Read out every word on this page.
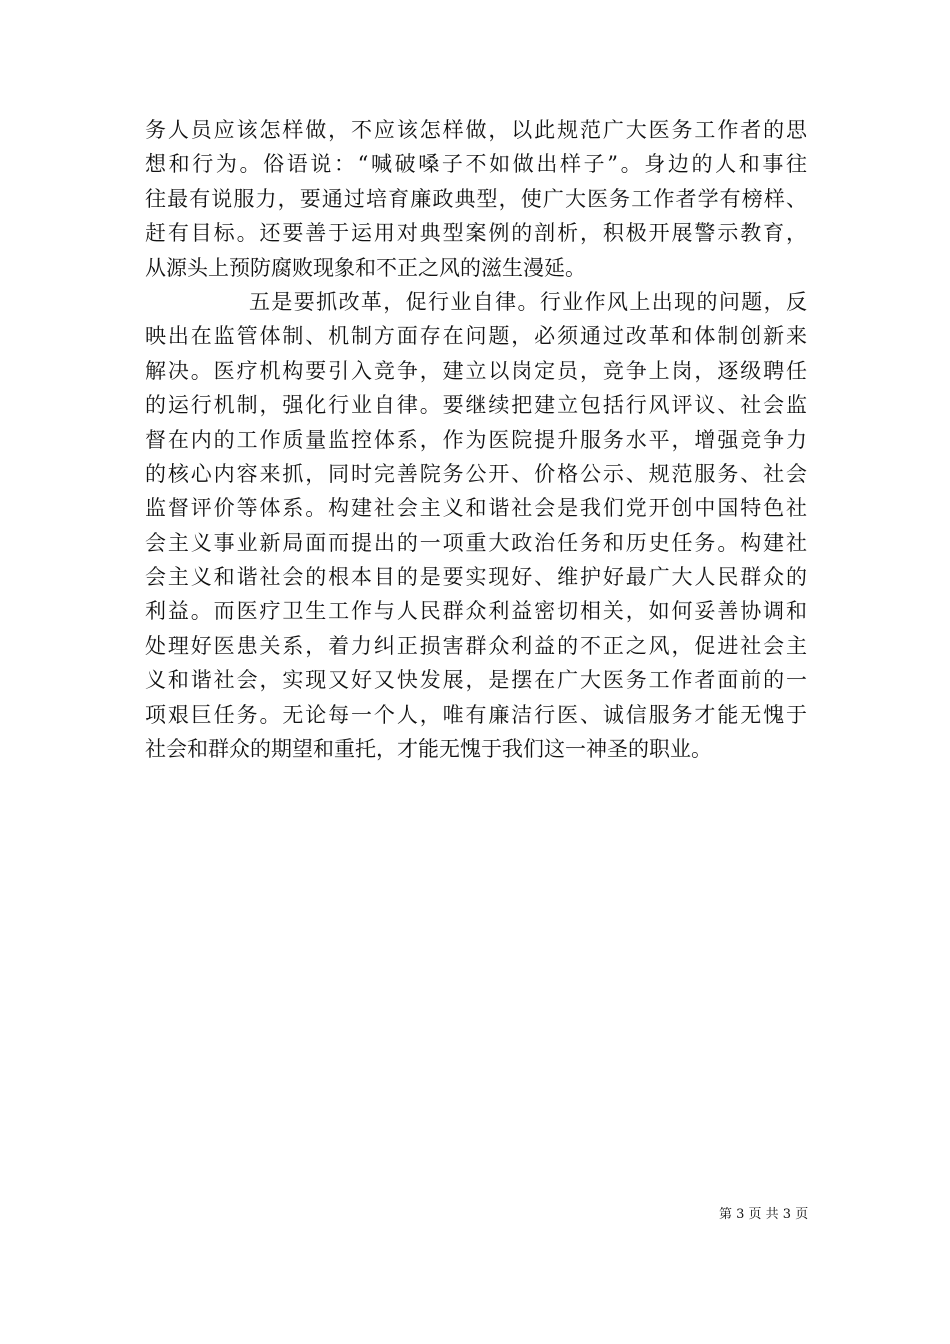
务人员应该怎样做，不应该怎样做，以此规范广大医务工作者的思

想和行为。俗语说：“喊破嗓子不如做出样子”。身边的人和事往

往最有说服力，要通过培育廉政典型，使广大医务工作者学有榜样、

赶有目标。还要善于运用对典型案例的剖析，积极开展警示教育，

从源头上预防腐败现象和不正之风的滋生漫延。

五是要抓改革，促行业自律。行业作风上出现的问题，反

映出在监管体制、机制方面存在问题，必须通过改革和体制创新来

解决。医疗机构要引入竞争，建立以岗定员，竞争上岗，逐级聘任

的运行机制，强化行业自律。要继续把建立包括行风评议、社会监

督在内的工作质量监控体系，作为医院提升服务水平，增强竞争力

的核心内容来抓，同时完善院务公开、价格公示、规范服务、社会

监督评价等体系。构建社会主义和谐社会是我们党开创中国特色社

会主义事业新局面而提出的一项重大政治任务和历史任务。构建社

会主义和谐社会的根本目的是要实现好、维护好最广大人民群众的

利益。而医疗卫生工作与人民群众利益密切相关，如何妥善协调和

处理好医患关系，着力纠正损害群众利益的不正之风，促进社会主

义和谐社会，实现又好又快发展，是摆在广大医务工作者面前的一

项艰巨任务。无论每一个人，唯有廉洁行医、诚信服务才能无愧于

社会和群众的期望和重托，才能无愧于我们这一神圣的职业。

第 3 页 共 3 页
